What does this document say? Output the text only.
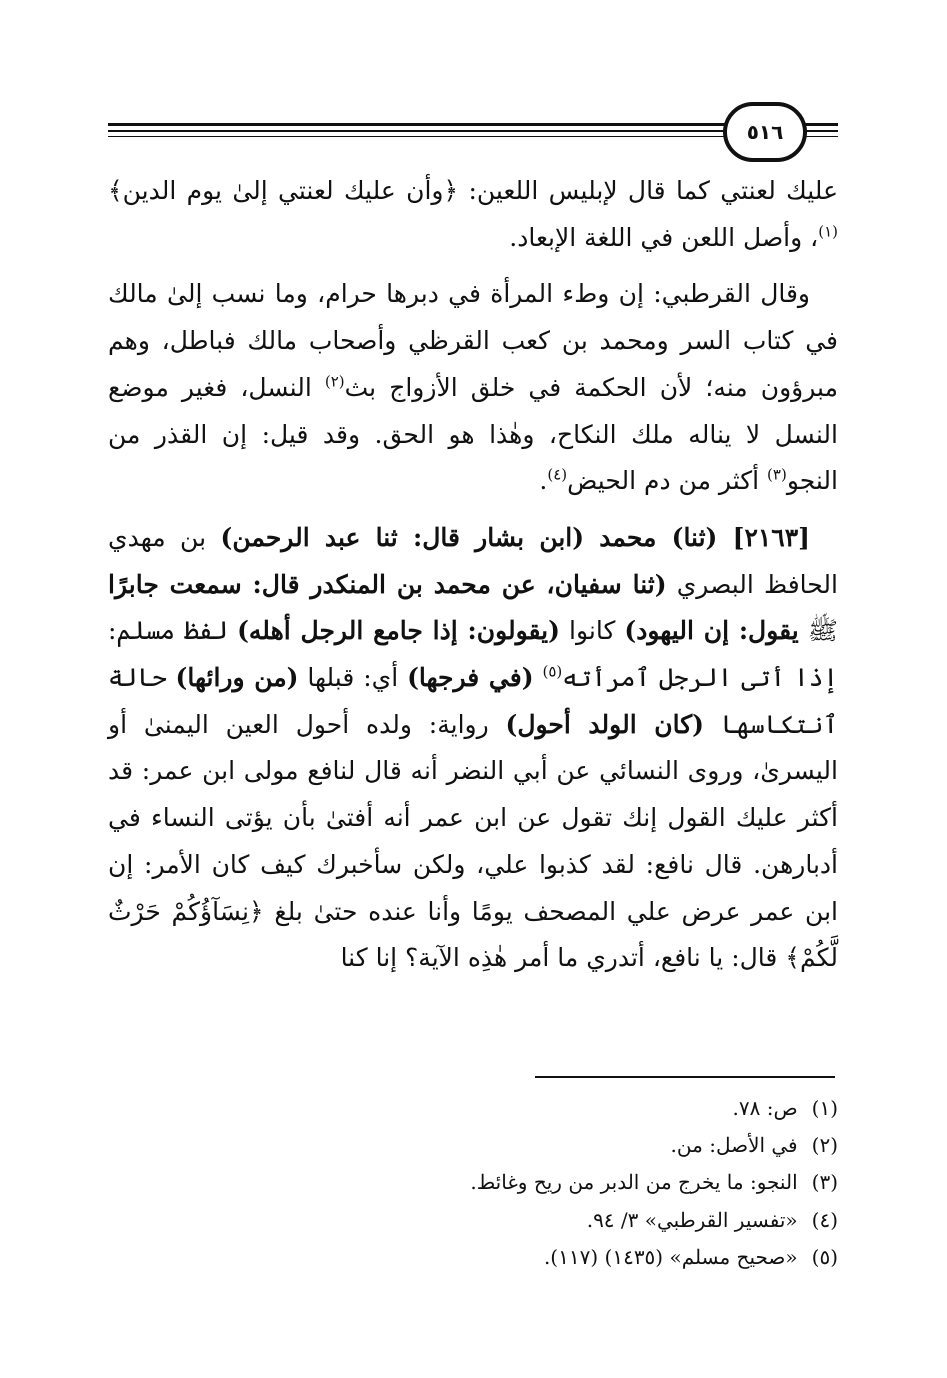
٥١٦

عليك لعنتي كما قال لإبليس اللعين: ﴿وأن عليك لعنتي إلىٰ يوم الدين﴾$^{(١)}$، وأصل اللعن في اللغة الإبعاد.

وقال القرطبي: إن وطء المرأة في دبرها حرام، وما نسب إلىٰ مالك في كتاب السر ومحمد بن كعب القرظي وأصحاب مالك فباطل، وهم مبرؤون منه؛ لأن الحكمة في خلق الأزواج بث$^{(٢)}$ النسل، فغير موضع النسل لا يناله ملك النكاح، وهٰذا هو الحق. وقد قيل: إن القذر من النجو$^{(٣)}$ أكثر من دم الحيض$^{(٤)}$.

[٢١٦٣] (ثنا) محمد (ابن بشار قال: ثنا عبد الرحمن) بن مهدي الحافظ البصري (ثنا سفيان، عن محمد بن المنكدر قال: سمعت جابرًا ﷺ يقول: إن اليهود) كانوا (يقولون: إذا جامع الرجل أهله) لفظ مسلم: إذا أتى الرجل ٱمرأته$^{(٥)}$ (في فرجها) أي: قبلها (من ورائها) حالة ٱنتكاسها (كان الولد أحول) رواية: ولده أحول العين اليمنىٰ أو اليسرىٰ، وروى النسائي عن أبي النضر أنه قال لنافع مولى ابن عمر: قد أكثر عليك القول إنك تقول عن ابن عمر أنه أفتىٰ بأن يؤتى النساء في أدبارهن. قال نافع: لقد كذبوا علي، ولكن سأخبرك كيف كان الأمر: إن ابن عمر عرض علي المصحف يومًا وأنا عنده حتىٰ بلغ ﴿نِسَآؤُكُمْ حَرْثٌ لَّكُمْ﴾ قال: يا نافع، أتدري ما أمر هٰذِه الآية؟ إنا كنا

(١)ص: ٧٨.
(٢)في الأصل: من.
(٣)النجو: ما يخرج من الدبر من ريح وغائط.
(٤)«تفسير القرطبي» ٣/ ٩٤.
(٥)«صحيح مسلم» (١٤٣٥) (١١٧).
